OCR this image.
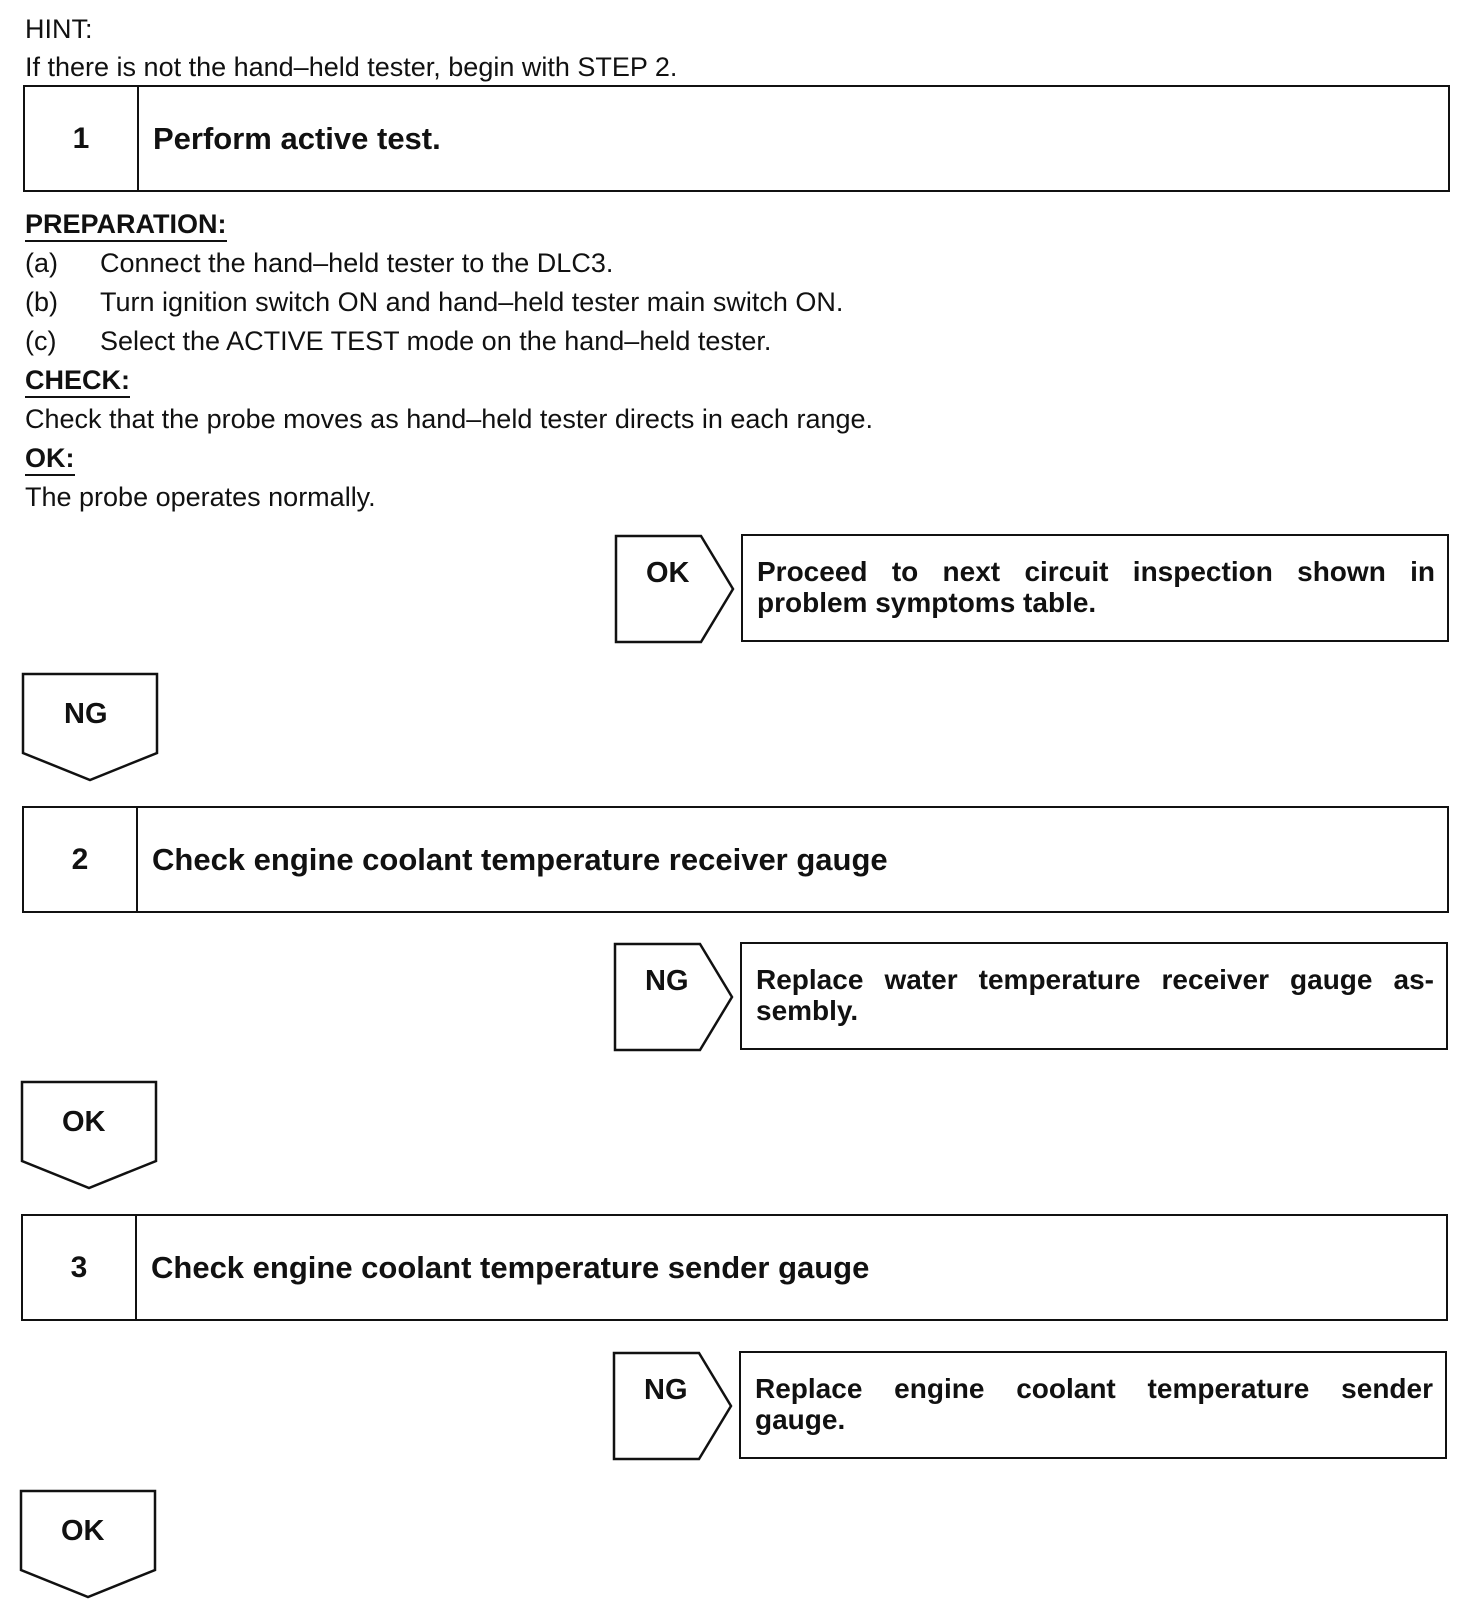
HINT:
If there is not the hand–held tester, begin with STEP 2.
1	Perform active test.
PREPARATION:
(a) Connect the hand–held tester to the DLC3.
(b) Turn ignition switch ON and hand–held tester main switch ON.
(c) Select the ACTIVE TEST mode on the hand–held tester.
CHECK:
Check that the probe moves as hand–held tester directs in each range.
OK:
The probe operates normally.
OK Proceed to next circuit inspection shown in problem symptoms table.
NG
2	Check engine coolant temperature receiver gauge
NG Replace water temperature receiver gauge as-sembly.
OK
3	Check engine coolant temperature sender gauge
NG Replace engine coolant temperature sender gauge.
OK
